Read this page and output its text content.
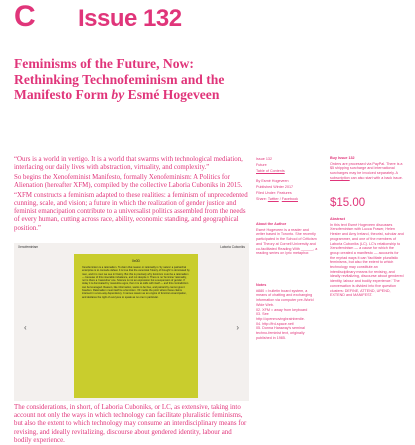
C Issue 132
Feminisms of the Future, Now: Rethinking Technofeminism and the Manifesto Form by Esmé Hogeveen

“Ours is a world in vertigo. It is a world that swarms with technological mediation, interlacing our daily lives with abstraction, virtuality, and complexity.”

So begins the Xenofeminist Manifesto, formally Xenofeminism: A Politics for Alienation (hereafter XFM), compiled by the collective Laboria Cuboniks in 2015.

“XFM constructs a feminism adapted to these realities: a feminism of unprecedented cunning, scale, and vision; a future in which the realization of gender justice and feminist emancipation contribute to a universalist politics assembled from the needs of every human, cutting across race, ability, economic standing, and geographical position.”

Xenofeminism	Laboria Cuboniks
‹	›
0x0D
Xenofeminism is a rationalism. To claim that reason or rationality is 'by nature' a patriarchal enterprise is to concede defeat. It is true that the canonical 'history of thought' is dominated by men, and it is men we see in history. But this is precisely why feminism must be a rationalism — because of this miserable imbalance, and not despite it. There is no 'feminine' rationality, nor is there a 'masculine' one. Science is not an expression but a suspension of gender. If today it is dominated by masculine egos, then it is at odds with itself — and this contradiction can be leveraged. Reason, like information, wants to be free, and patriarchy cannot give it freedom. Rationalism must itself be a feminism. XF marks the point where these claims intersect in a two-way dependency. It names reason as an engine of feminist emancipation, and declares the right of everyone to speak as no one in particular.

The considerations, in short, of Laboria Cuboniks, or LC, as extensive, taking into account not only the ways in which technology can facilitate pluralistic feminisms, but also the extent to which technology may consume an interdisciplinary means for revising, and ideally revitalizing, discourse about gendered identity, labour and bodily experience.

Issue 132
Future
Table of Contents
By Esmé Hogeveen
Published Winter 2017
Filed Under: Features
Share: Twitter / Facebook
About the Author
Esmé Hogeveen is a reader and writer based in Toronto. She recently participated in the School of Criticism and Theory at Cornell University and co-facilitated Reading With ______, a reading series on lyric metaphor.
Notes
#880 = bulletin board system, a means of chatting and exchanging information via computer pre-World Wide Web.
02. XFM = away from keyboard
03. See http://openmovingbrainberdie.
04. http://frd-space.net/
05. Donna Haraway's seminal techno-feminist text, originally published in 1985.
Buy Issue 132
Orders are processed via PayPal. There is a $5 shipping surcharge and international surcharges may be invoiced separately. A subscription can also start with a back issue.
$15.00
Abstract
In this text Esmé Hogeveen discusses Xenofeminism with Lucca Fraser, Helen Hester and Amy Ireland, theorist, scholar and programmer, and one of the members of Laboria Cuboniks (LC). LC's relationship to Xenofeminism — a cause for which the group created a manifesto — accounts for the myriad ways it can 'facilitate pluralistic feminisms, but also the extent to which technology may constitute an interdisciplinary means for revising, and ideally revitalizing, discourse about gendered identity, labour and bodily experience.' The conversation is divided into five question clusters: DEFINE, ATTEND, UPEND, EXTEND and MANIFEST.
